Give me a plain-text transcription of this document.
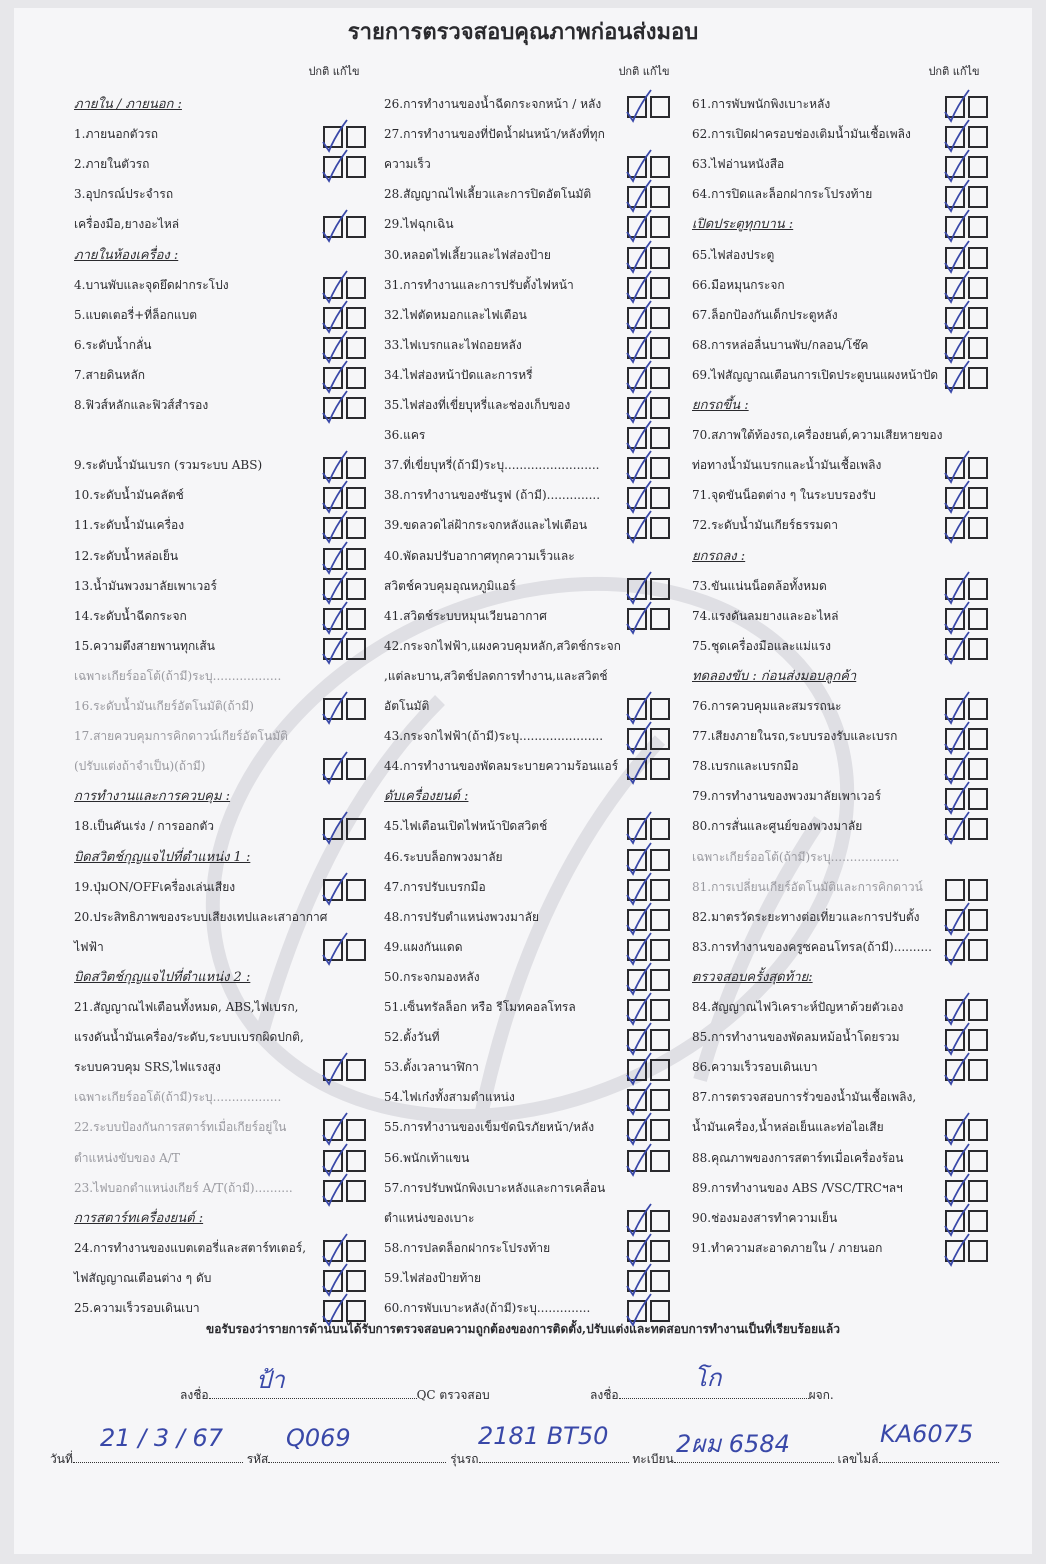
รายการตรวจสอบคุณภาพก่อนส่งมอบ
ปกติ แก้ไข	ปกติ แก้ไข	ปกติ แก้ไข
ภายใน / ภายนอก :
1.ภายนอกตัวรถ
2.ภายในตัวรถ
3.อุปกรณ์ประจำรถ
เครื่องมือ,ยางอะไหล่
ภายในห้องเครื่อง :
4.บานพับและจุดยึดฝากระโปง
5.แบตเตอรี่+ที่ล็อกแบต
6.ระดับน้ำกลั่น
7.สายดินหลัก
8.ฟิวส์หลักและฟิวส์สำรอง
9.ระดับน้ำมันเบรก (รวมระบบ ABS)
10.ระดับน้ำมันคลัตช์
11.ระดับน้ำมันเครื่อง
12.ระดับน้ำหล่อเย็น
13.น้ำมันพวงมาลัยเพาเวอร์
14.ระดับน้ำฉีดกระจก
15.ความตึงสายพานทุกเส้น
เฉพาะเกียร์ออโต้(ถ้ามี)ระบุ..................
16.ระดับน้ำมันเกียร์อัตโนมัติ(ถ้ามี)
17.สายควบคุมการคิกดาวน์เกียร์อัตโนมัติ
(ปรับแต่งถ้าจำเป็น)(ถ้ามี)
การทำงานและการควบคุม :
18.เป็นคันเร่ง / การออกตัว
บิดสวิตช์กุญแจไปที่ตำแหน่ง 1 :
19.ปุ่มON/OFFเครื่องเล่นเสียง
20.ประสิทธิภาพของระบบเสียงเทปและเสาอากาศ
ไฟฟ้า
บิดสวิตช์กุญแจไปที่ตำแหน่ง 2 :
21.สัญญาณไฟเตือนทั้งหมด, ABS,ไฟเบรก,
แรงดันน้ำมันเครื่อง/ระดับ,ระบบเบรกผิดปกติ,
ระบบควบคุม SRS,ไฟแรงสูง
เฉพาะเกียร์ออโต้(ถ้ามี)ระบุ..................
22.ระบบป้องกันการสตาร์ทเมื่อเกียร์อยู่ใน
ตำแหน่งขับของ A/T
23.ไฟบอกตำแหน่งเกียร์ A/T(ถ้ามี)..........
การสตาร์ทเครื่องยนต์ :
24.การทำงานของแบตเตอรี่และสตาร์ทเตอร์,
ไฟสัญญาณเตือนต่าง ๆ ดับ
25.ความเร็วรอบเดินเบา
26.การทำงานของน้ำฉีดกระจกหน้า / หลัง
27.การทำงานของที่ปัดน้ำฝนหน้า/หลังที่ทุก
ความเร็ว
28.สัญญาณไฟเลี้ยวและการปิดอัตโนมัติ
29.ไฟฉุกเฉิน
30.หลอดไฟเลี้ยวและไฟส่องป้าย
31.การทำงานและการปรับตั้งไฟหน้า
32.ไฟตัดหมอกและไฟเตือน
33.ไฟเบรกและไฟถอยหลัง
34.ไฟส่องหน้าปัดและการหรี่
35.ไฟส่องที่เขี่ยบุหรี่และช่องเก็บของ
36.แคร
37.ที่เขี่ยบุหรี่(ถ้ามี)ระบุ.........................
38.การทำงานของซันรูฟ (ถ้ามี)..............
39.ขดลวดไล่ฝ้ากระจกหลังและไฟเตือน
40.พัดลมปรับอากาศทุกความเร็วและ
สวิตช์ควบคุมอุณหภูมิแอร์
41.สวิตช์ระบบหมุนเวียนอากาศ
42.กระจกไฟฟ้า,แผงควบคุมหลัก,สวิตช์กระจก
,แต่ละบาน,สวิตช์ปลดการทำงาน,และสวิตช์
อัตโนมัติ
43.กระจกไฟฟ้า(ถ้ามี)ระบุ......................
44.การทำงานของพัดลมระบายความร้อนแอร์
ดับเครื่องยนต์ :
45.ไฟเตือนเปิดไฟหน้าปิดสวิตช์
46.ระบบล็อกพวงมาลัย
47.การปรับเบรกมือ
48.การปรับตำแหน่งพวงมาลัย
49.แผงกันแดด
50.กระจกมองหลัง
51.เซ็นทรัลล็อก หรือ รีโมทคอลโทรล
52.ตั้งวันที่
53.ตั้งเวลานาฬิกา
54.ไฟเก๋งทั้งสามตำแหน่ง
55.การทำงานของเข็มขัดนิรภัยหน้า/หลัง
56.พนักเท้าแขน
57.การปรับพนักพิงเบาะหลังและการเคลื่อน
ตำแหน่งของเบาะ
58.การปลดล็อกฝากระโปรงท้าย
59.ไฟส่องป้ายท้าย
60.การพับเบาะหลัง(ถ้ามี)ระบุ..............
61.การพับพนักพิงเบาะหลัง
62.การเปิดฝาครอบช่องเติมน้ำมันเชื้อเพลิง
63.ไฟอ่านหนังสือ
64.การปิดและล็อกฝากระโปรงท้าย
เปิดประตูทุกบาน :
65.ไฟส่องประตู
66.มือหมุนกระจก
67.ล็อกป้องกันเด็กประตูหลัง
68.การหล่อลื่นบานพับ/กลอน/โช๊ค
69.ไฟสัญญาณเตือนการเปิดประตูบนแผงหน้าปัด
ยกรถขึ้น :
70.สภาพใต้ท้องรถ,เครื่องยนต์,ความเสียหายของ
ท่อทางน้ำมันเบรกและน้ำมันเชื้อเพลิง
71.จุดขันน็อตต่าง ๆ ในระบบรองรับ
72.ระดับน้ำมันเกียร์ธรรมดา
ยกรถลง :
73.ขันแน่นน็อตล้อทั้งหมด
74.แรงดันลมยางและอะไหล่
75.ชุดเครื่องมือและแม่แรง
ทดลองขับ : ก่อนส่งมอบลูกค้า
76.การควบคุมและสมรรถนะ
77.เสียงภายในรถ,ระบบรองรับและเบรก
78.เบรกและเบรกมือ
79.การทำงานของพวงมาลัยเพาเวอร์
80.การสั่นและศูนย์ของพวงมาลัย
เฉพาะเกียร์ออโต้(ถ้ามี)ระบุ..................
81.การเปลี่ยนเกียร์อัตโนมัติและการคิกดาวน์
82.มาตรวัดระยะทางต่อเที่ยวและการปรับตั้ง
83.การทำงานของครูซคอนโทรล(ถ้ามี)..........
ตรวจสอบครั้งสุดท้าย:
84.สัญญาณไฟวิเคราะห์ปัญหาด้วยตัวเอง
85.การทำงานของพัดลมหม้อน้ำโดยรวม
86.ความเร็วรอบเดินเบา
87.การตรวจสอบการรั่วของน้ำมันเชื้อเพลิง,
น้ำมันเครื่อง,น้ำหล่อเย็นและท่อไอเสีย
88.คุณภาพของการสตาร์ทเมื่อเครื่องร้อน
89.การทำงานของ ABS /VSC/TRCฯลฯ
90.ช่องมองสารทำความเย็น
91.ทำความสะอาดภายใน / ภายนอก
ขอรับรองว่ารายการด้านบนได้รับการตรวจสอบความถูกต้องของการติดตั้ง,ปรับแต่งและทดสอบการทำงานเป็นที่เรียบร้อยแล้ว
ลงชื่อ	QC ตรวจสอบ
ป้า
ลงชื่อ	ผจก.
โก
วันที่	รหัส	รุ่นรถ	ทะเบียน	เลขไมล์
21 / 3 / 67	Q069	2181 BT50	2ผม 6584	KA6075
